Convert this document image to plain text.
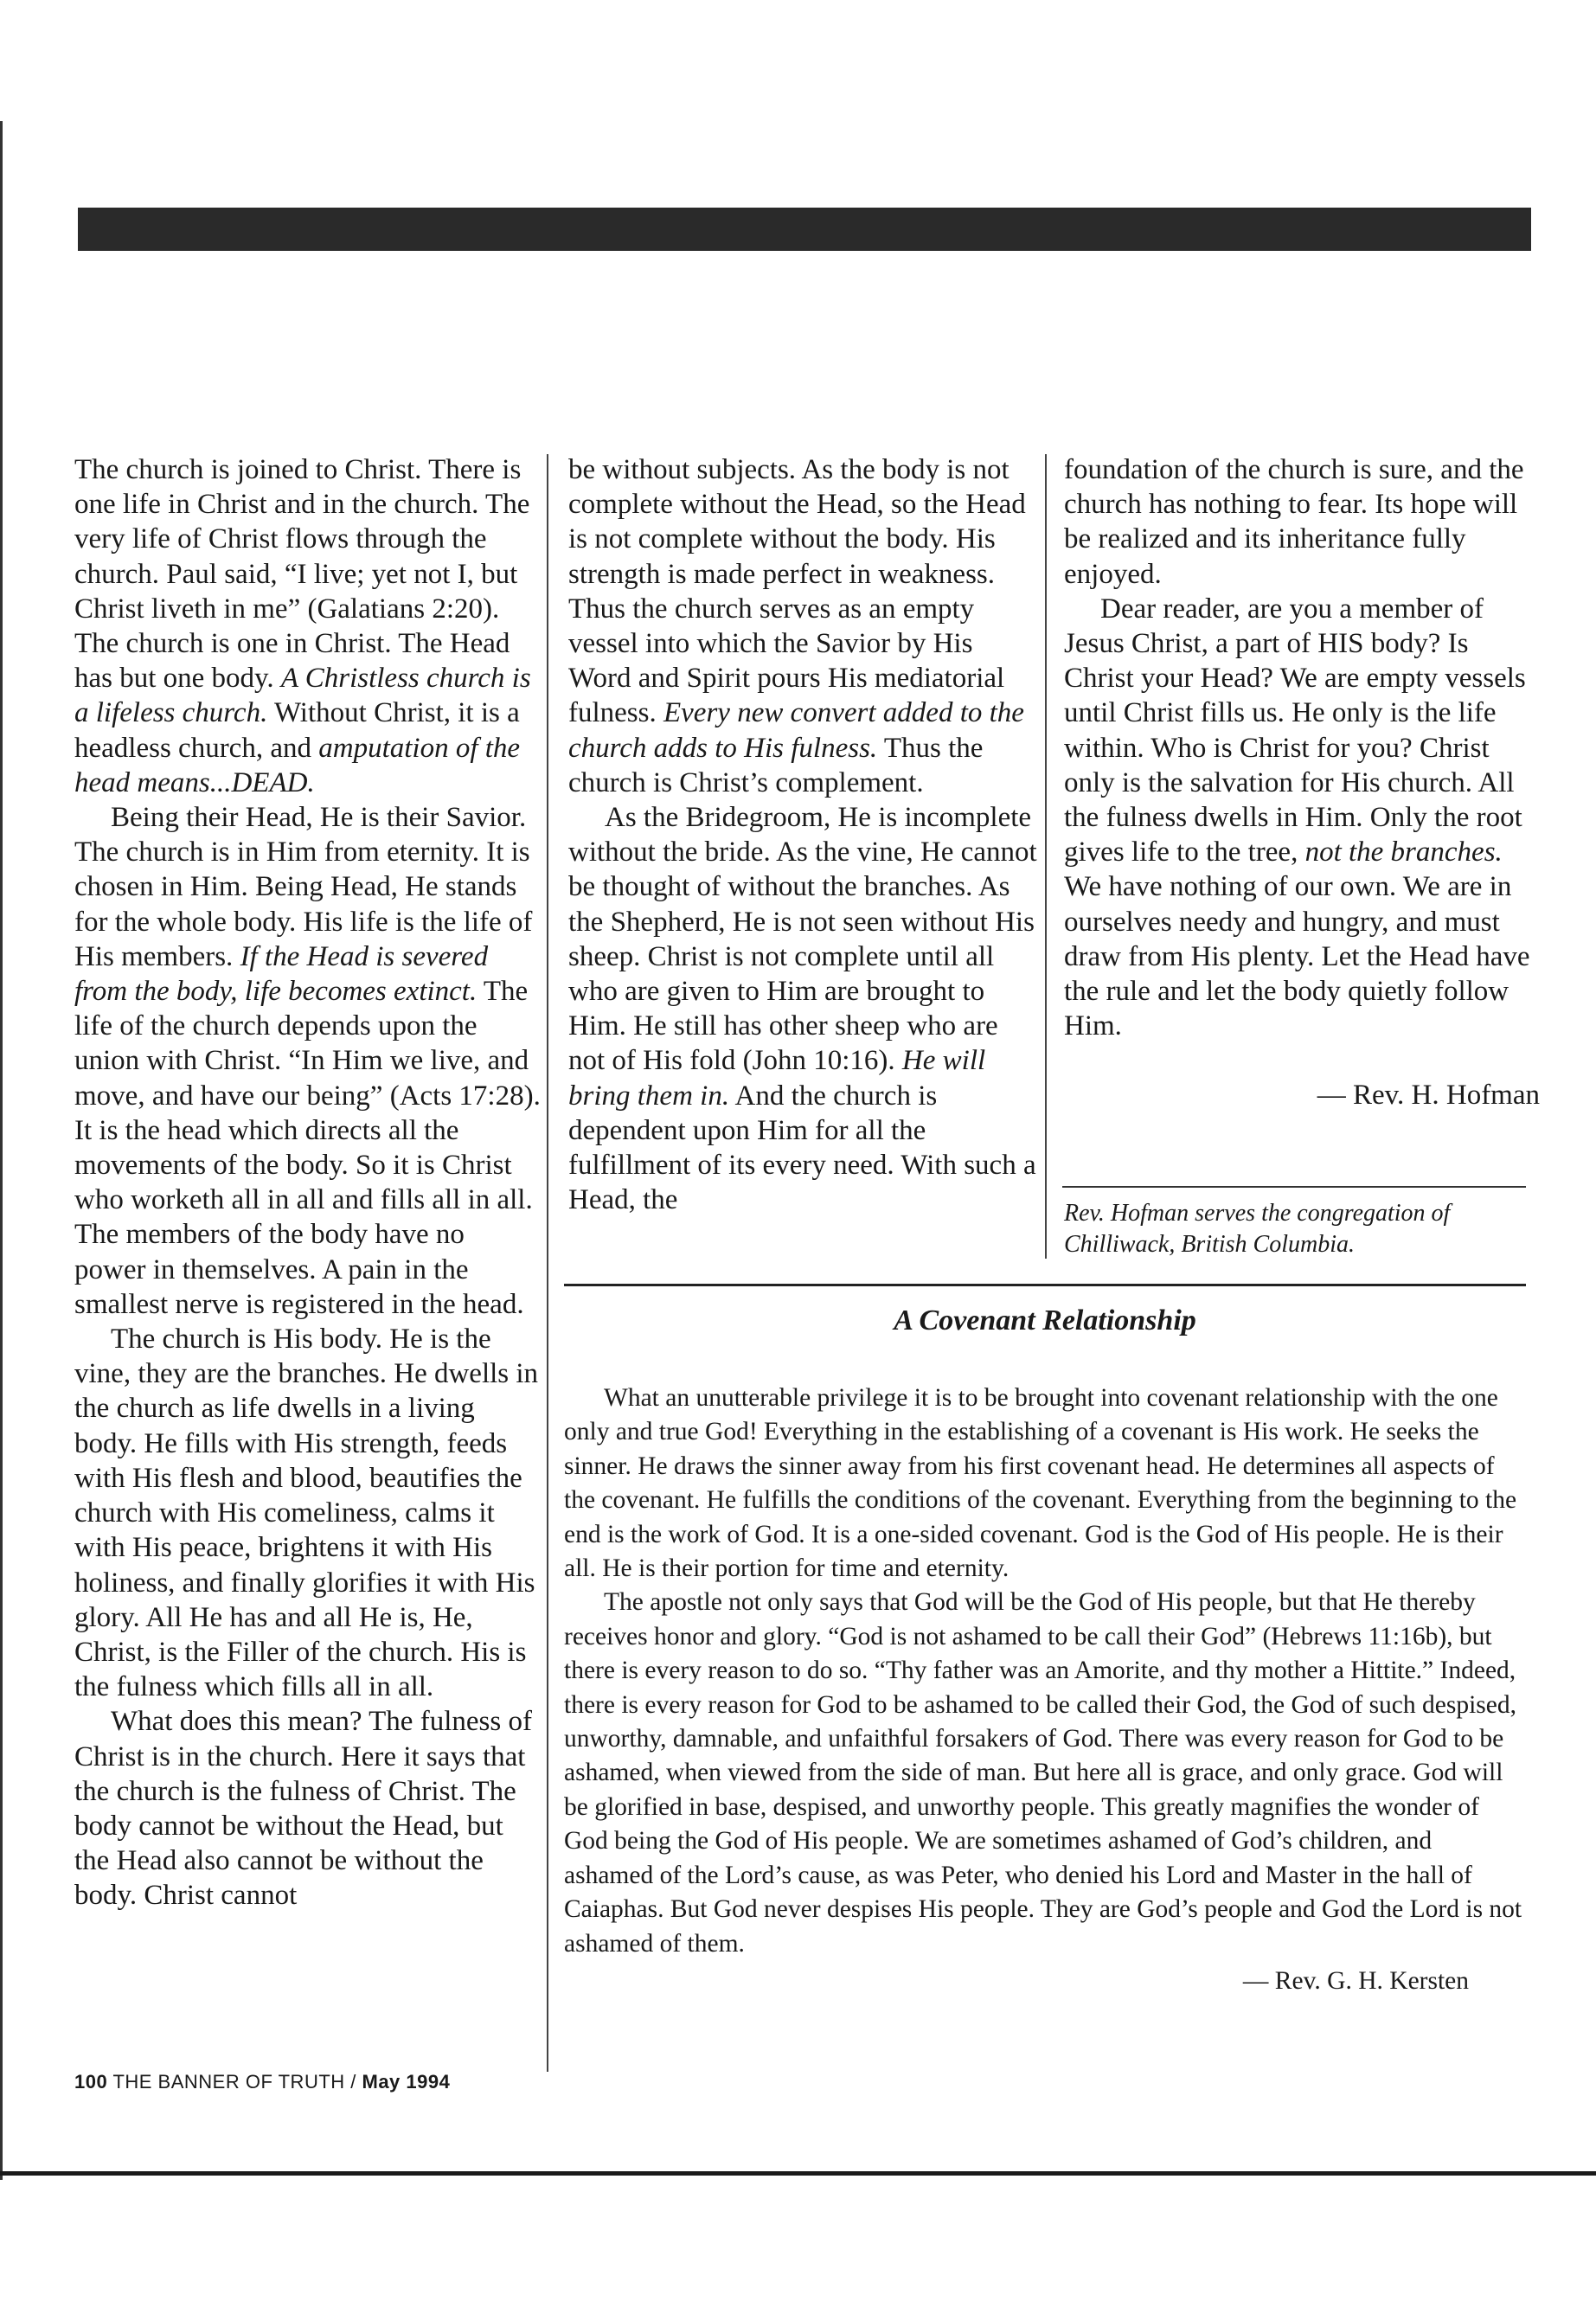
The church is joined to Christ. There is one life in Christ and in the church. The very life of Christ flows through the church. Paul said, “I live; yet not I, but Christ liveth in me” (Galatians 2:20). The church is one in Christ. The Head has but one body. A Christless church is a lifeless church. Without Christ, it is a headless church, and amputation of the head means...DEAD.

Being their Head, He is their Savior. The church is in Him from eternity. It is chosen in Him. Being Head, He stands for the whole body. His life is the life of His members. If the Head is severed from the body, life becomes extinct. The life of the church depends upon the union with Christ. “In Him we live, and move, and have our being” (Acts 17:28). It is the head which directs all the movements of the body. So it is Christ who worketh all in all and fills all in all. The members of the body have no power in themselves. A pain in the smallest nerve is registered in the head.

The church is His body. He is the vine, they are the branches. He dwells in the church as life dwells in a living body. He fills with His strength, feeds with His flesh and blood, beautifies the church with His comeliness, calms it with His peace, brightens it with His holiness, and finally glorifies it with His glory. All He has and all He is, He, Christ, is the Filler of the church. His is the fulness which fills all in all.

What does this mean? The fulness of Christ is in the church. Here it says that the church is the fulness of Christ. The body cannot be without the Head, but the Head also cannot be without the body. Christ cannot

be without subjects. As the body is not complete without the Head, so the Head is not complete without the body. His strength is made perfect in weakness. Thus the church serves as an empty vessel into which the Savior by His Word and Spirit pours His mediatorial fulness. Every new convert added to the church adds to His fulness. Thus the church is Christ’s complement.

As the Bridegroom, He is incomplete without the bride. As the vine, He cannot be thought of without the branches. As the Shepherd, He is not seen without His sheep. Christ is not complete until all who are given to Him are brought to Him. He still has other sheep who are not of His fold (John 10:16). He will bring them in. And the church is dependent upon Him for all the fulfillment of its every need. With such a Head, the

foundation of the church is sure, and the church has nothing to fear. Its hope will be realized and its inheritance fully enjoyed.

Dear reader, are you a member of Jesus Christ, a part of HIS body? Is Christ your Head? We are empty vessels until Christ fills us. He only is the life within. Who is Christ for you? Christ only is the salvation for His church. All the fulness dwells in Him. Only the root gives life to the tree, not the branches. We have nothing of our own. We are in ourselves needy and hungry, and must draw from His plenty. Let the Head have the rule and let the body quietly follow Him.

— Rev. H. Hofman

Rev. Hofman serves the congregation of Chilliwack, British Columbia.
A Covenant Relationship

What an unutterable privilege it is to be brought into covenant relationship with the one only and true God! Everything in the establishing of a covenant is His work. He seeks the sinner. He draws the sinner away from his first covenant head. He determines all aspects of the covenant. He fulfills the conditions of the covenant. Everything from the beginning to the end is the work of God. It is a one-sided covenant. God is the God of His people. He is their all. He is their portion for time and eternity.

The apostle not only says that God will be the God of His people, but that He thereby receives honor and glory. “God is not ashamed to be call their God” (Hebrews 11:16b), but there is every reason to do so. “Thy father was an Amorite, and thy mother a Hittite.” Indeed, there is every reason for God to be ashamed to be called their God, the God of such despised, unworthy, damnable, and unfaithful forsakers of God. There was every reason for God to be ashamed, when viewed from the side of man. But here all is grace, and only grace. God will be glorified in base, despised, and unworthy people. This greatly magnifies the wonder of God being the God of His people. We are sometimes ashamed of God’s children, and ashamed of the Lord’s cause, as was Peter, who denied his Lord and Master in the hall of Caiaphas. But God never despises His people. They are God’s people and God the Lord is not ashamed of them.

— Rev. G. H. Kersten

100 THE BANNER OF TRUTH / May 1994
